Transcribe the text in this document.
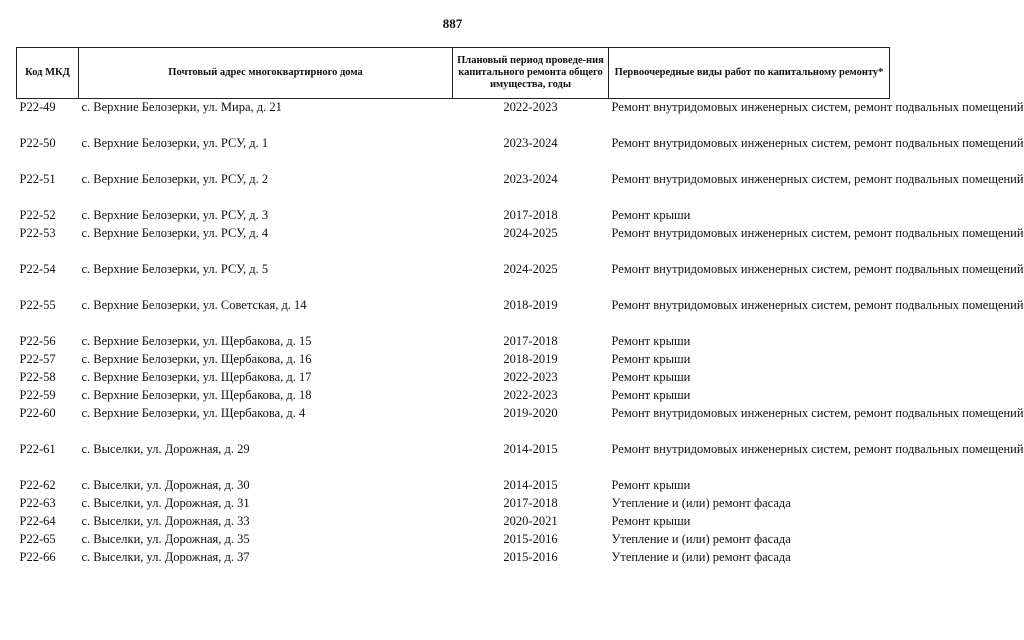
887
Код МКД	Почтовый адрес многоквартирного дома	Плановый период проведе-ния капитального ремонта общего имущества, годы	Первоочередные виды работ по капитальному ремонту*
Р22-49	с. Верхние Белозерки, ул. Мира, д. 21	2022-2023	Ремонт внутридомовых инженерных систем, ремонт подвальных помещений
Р22-50	с. Верхние Белозерки, ул. РСУ, д. 1	2023-2024	Ремонт внутридомовых инженерных систем, ремонт подвальных помещений
Р22-51	с. Верхние Белозерки, ул. РСУ, д. 2	2023-2024	Ремонт внутридомовых инженерных систем, ремонт подвальных помещений
Р22-52	с. Верхние Белозерки, ул. РСУ, д. 3	2017-2018	Ремонт крыши
Р22-53	с. Верхние Белозерки, ул. РСУ, д. 4	2024-2025	Ремонт внутридомовых инженерных систем, ремонт подвальных помещений
Р22-54	с. Верхние Белозерки, ул. РСУ, д. 5	2024-2025	Ремонт внутридомовых инженерных систем, ремонт подвальных помещений
Р22-55	с. Верхние Белозерки, ул. Советская, д. 14	2018-2019	Ремонт внутридомовых инженерных систем, ремонт подвальных помещений
Р22-56	с. Верхние Белозерки, ул. Щербакова, д. 15	2017-2018	Ремонт крыши
Р22-57	с. Верхние Белозерки, ул. Щербакова, д. 16	2018-2019	Ремонт крыши
Р22-58	с. Верхние Белозерки, ул. Щербакова, д. 17	2022-2023	Ремонт крыши
Р22-59	с. Верхние Белозерки, ул. Щербакова, д. 18	2022-2023	Ремонт крыши
Р22-60	с. Верхние Белозерки, ул. Щербакова, д. 4	2019-2020	Ремонт внутридомовых инженерных систем, ремонт подвальных помещений
Р22-61	с. Выселки, ул. Дорожная, д. 29	2014-2015	Ремонт внутридомовых инженерных систем, ремонт подвальных помещений
Р22-62	с. Выселки, ул. Дорожная, д. 30	2014-2015	Ремонт крыши
Р22-63	с. Выселки, ул. Дорожная, д. 31	2017-2018	Утепление и (или) ремонт фасада
Р22-64	с. Выселки, ул. Дорожная, д. 33	2020-2021	Ремонт крыши
Р22-65	с. Выселки, ул. Дорожная, д. 35	2015-2016	Утепление и (или) ремонт фасада
Р22-66	с. Выселки, ул. Дорожная, д. 37	2015-2016	Утепление и (или) ремонт фасада
